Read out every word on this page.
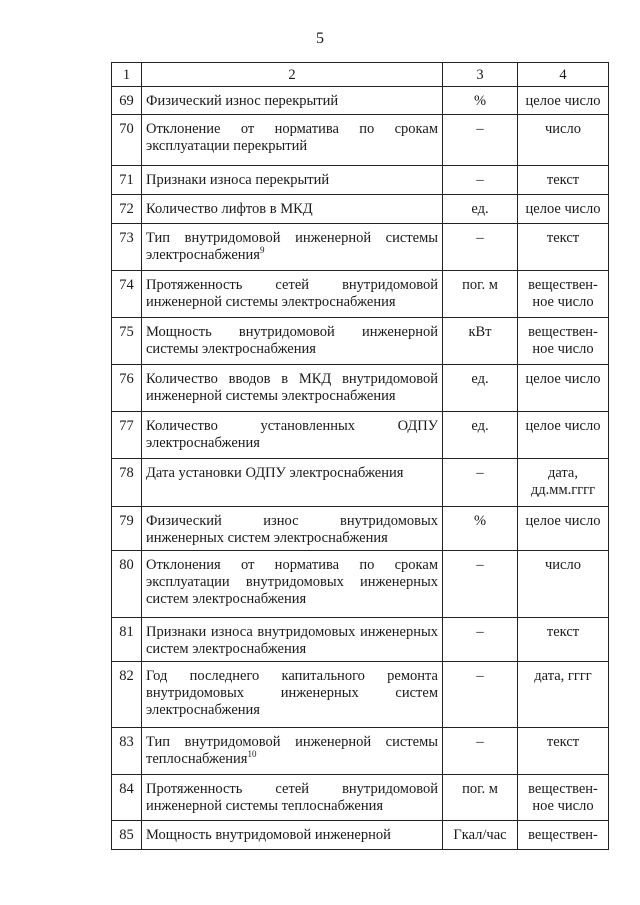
5
1	2	3	4
69	Физический износ перекрытий	%	целое число
70	Отклонение от норматива по срокам эксплуатации перекрытий	–	число
71	Признаки износа перекрытий	–	текст
72	Количество лифтов в МКД	ед.	целое число
73	Тип внутридомовой инженерной системы электроснабжения$^9$	–	текст
74	Протяженность сетей внутридомовой инженерной системы электроснабжения	пог. м	веществен-ное число
75	Мощность внутридомовой инженерной системы электроснабжения	кВт	веществен-ное число
76	Количество вводов в МКД внутридомовой инженерной системы электроснабжения	ед.	целое число
77	Количество установленных ОДПУ электроснабжения	ед.	целое число
78	Дата установки ОДПУ электроснабжения	–	дата, дд.мм.гггг
79	Физический износ внутридомовых инженерных систем электроснабжения	%	целое число
80	Отклонения от норматива по срокам эксплуатации внутридомовых инженерных систем электроснабжения	–	число
81	Признаки износа внутридомовых инженерных систем электроснабжения	–	текст
82	Год последнего капитального ремонта внутридомовых инженерных систем электроснабжения	–	дата, гггг
83	Тип внутридомовой инженерной системы теплоснабжения$^{10}$	–	текст
84	Протяженность сетей внутридомовой инженерной системы теплоснабжения	пог. м	веществен-ное число
85	Мощность внутридомовой инженерной	Гкал/час	веществен-
